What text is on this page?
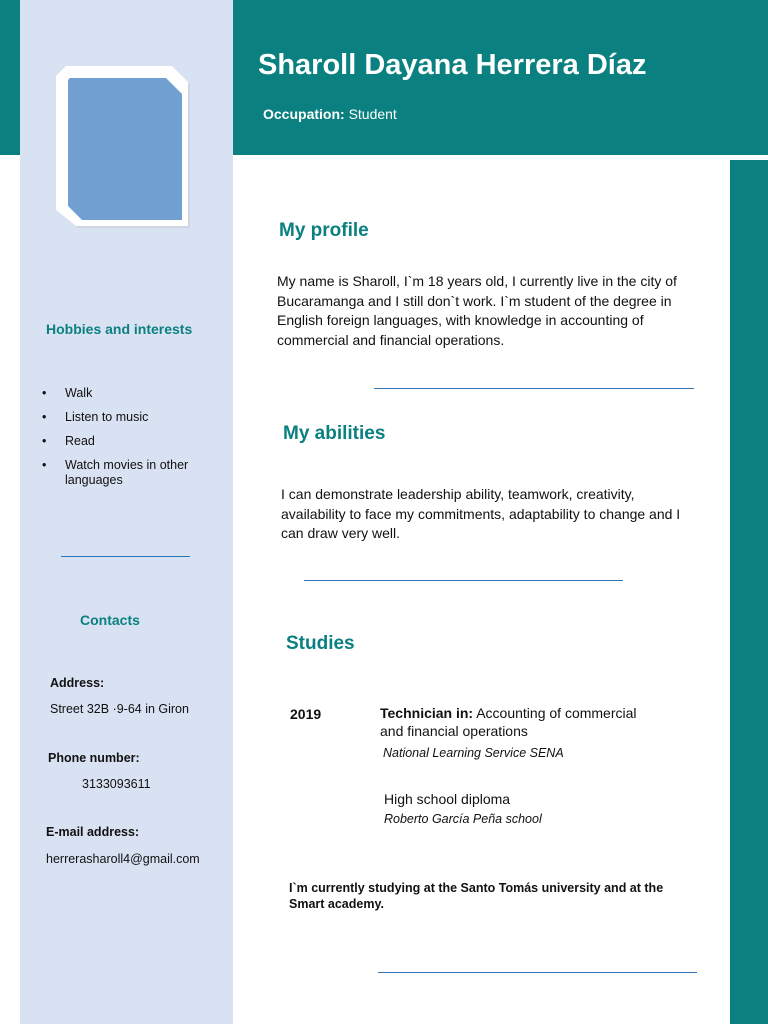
Sharoll Dayana Herrera Díaz
Occupation: Student
Hobbies and interests
• Walk
• Listen to music
• Read
• Watch movies in other languages
Contacts
Address:
Street 32B ·9-64 in Giron
Phone number:
3133093611
E-mail address:
herrerasharoll4@gmail.com
My profile
My name is Sharoll, I`m 18 years old, I currently live in the city of Bucaramanga and I still don`t work. I`m student of the degree in English foreign languages, with knowledge in accounting of commercial and financial operations.
My abilities
I can demonstrate leadership ability, teamwork, creativity, availability to face my commitments, adaptability to change and I can draw very well.
Studies
2019	Technician in: Accounting of commercial and financial operations
National Learning Service SENA
High school diploma
Roberto García Peña school
I`m currently studying at the Santo Tomás university and at the Smart academy.
